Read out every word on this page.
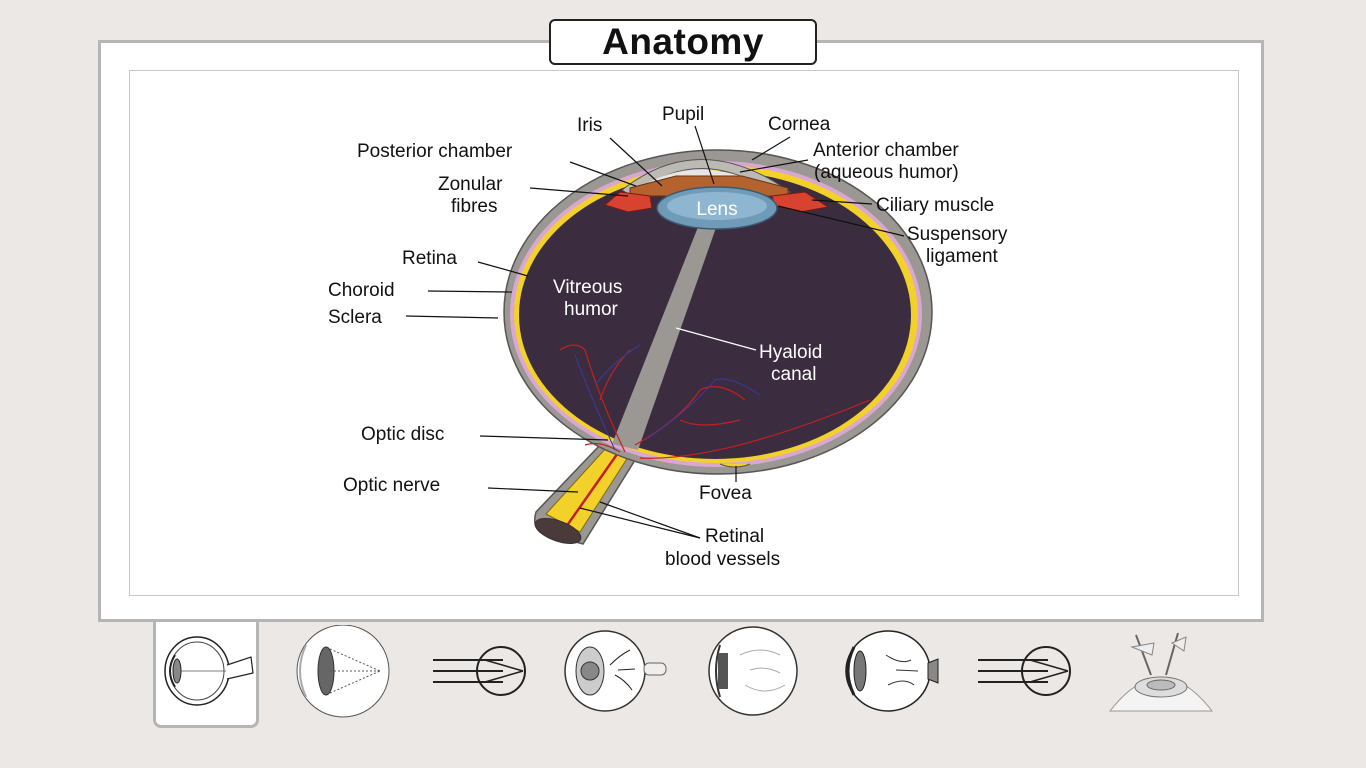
Anatomy
Iris
Pupil	Cornea
Posterior chamber	Anterior chamber
(aqueous humor)
Zonular
fibres	Lens	Ciliary muscle
Suspensory
ligament
Retina
Choroid
Sclera
Vitreous
humor
Hyaloid
canal
Optic disc
Optic nerve	Fovea
Retinal
blood vessels
